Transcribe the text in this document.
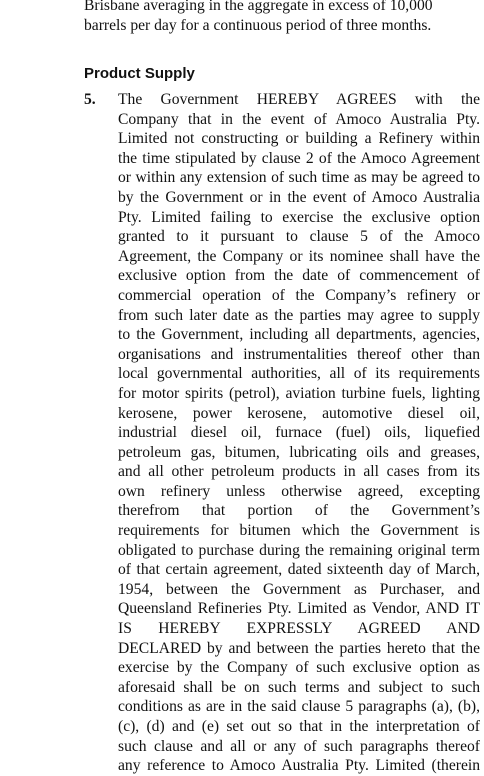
Brisbane averaging in the aggregate in excess of 10,000
barrels per day for a continuous period of three months.

Product Supply
5. The Government HEREBY AGREES with the
Company that in the event of Amoco Australia Pty.
Limited not constructing or building a Refinery within
the time stipulated by clause 2 of the Amoco Agreement
or within any extension of such time as may be agreed to
by the Government or in the event of Amoco Australia
Pty. Limited failing to exercise the exclusive option
granted to it pursuant to clause 5 of the Amoco
Agreement, the Company or its nominee shall have the
exclusive option from the date of commencement of
commercial operation of the Company’s refinery or
from such later date as the parties may agree to supply
to the Government, including all departments, agencies,
organisations and instrumentalities thereof other than
local governmental authorities, all of its requirements
for motor spirits (petrol), aviation turbine fuels, lighting
kerosene, power kerosene, automotive diesel oil,
industrial diesel oil, furnace (fuel) oils, liquefied
petroleum gas, bitumen, lubricating oils and greases,
and all other petroleum products in all cases from its
own refinery unless otherwise agreed, excepting
therefrom that portion of the Government’s
requirements for bitumen which the Government is
obligated to purchase during the remaining original term
of that certain agreement, dated sixteenth day of March,
1954, between the Government as Purchaser, and
Queensland Refineries Pty. Limited as Vendor, AND IT
IS HEREBY EXPRESSLY AGREED AND
DECLARED by and between the parties hereto that the
exercise by the Company of such exclusive option as
aforesaid shall be on such terms and subject to such
conditions as are in the said clause 5 paragraphs (a), (b),
(c), (d) and (e) set out so that in the interpretation of
such clause and all or any of such paragraphs thereof
any reference to Amoco Australia Pty. Limited (therein
